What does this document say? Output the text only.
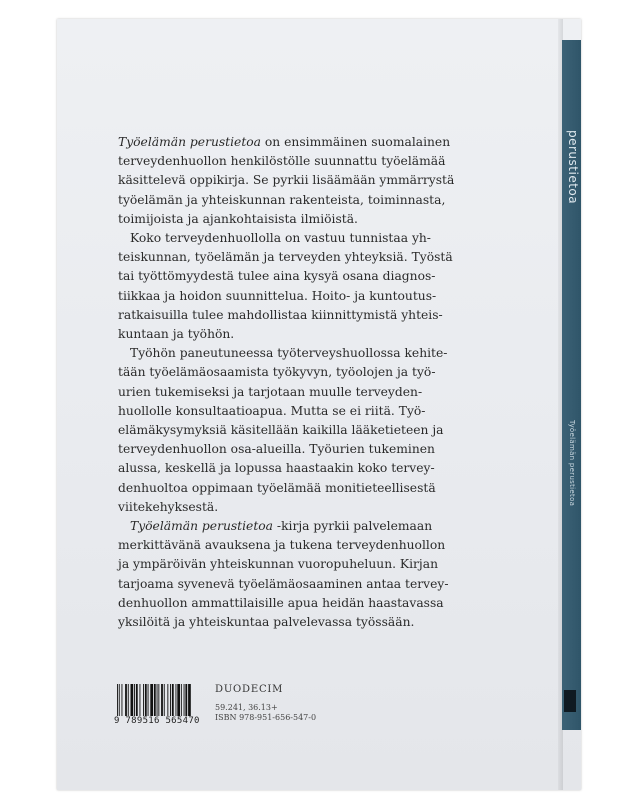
perustietoa
Työelämän perustietoa

Työelämän perustietoa on ensimmäinen suomalainen
terveydenhuollon henkilöstölle suunnattu työelämää
käsittelevä oppikirja. Se pyrkii lisäämään ymmärrystä
työelämän ja yhteiskunnan rakenteista, toiminnasta,
toimijoista ja ajankohtaisista ilmiöistä.

Koko terveydenhuollolla on vastuu tunnistaa yh-
teiskunnan, työelämän ja terveyden yhteyksiä. Työstä
tai työttömyydestä tulee aina kysyä osana diagnos-
tiikkaa ja hoidon suunnittelua. Hoito- ja kuntoutus-
ratkaisuilla tulee mahdollistaa kiinnittymistä yhteis-
kuntaan ja työhön.

Työhön paneutuneessa työterveyshuollossa kehite-
tään työelämäosaamista työkyvyn, työolojen ja työ-
urien tukemiseksi ja tarjotaan muulle terveyden-
huollolle konsultaatioapua. Mutta se ei riitä. Työ-
elämäkysymyksiä käsitellään kaikilla lääketieteen ja
terveydenhuollon osa-alueilla. Työurien tukeminen
alussa, keskellä ja lopussa haastaakin koko tervey-
denhuoltoa oppimaan työelämää monitieteellisestä
viitekehyksestä.

Työelämän perustietoa -kirja pyrkii palvelemaan
merkittävänä avauksena ja tukena terveydenhuollon
ja ympäröivän yhteiskunnan vuoropuheluun. Kirjan
tarjoama syvenevä työelämäosaaminen antaa tervey-
denhuollon ammattilaisille apua heidän haastavassa
yksilöitä ja yhteiskuntaa palvelevassa työssään.

9 789516 565470
DUODECIM
59.241, 36.13+
ISBN 978-951-656-547-0
